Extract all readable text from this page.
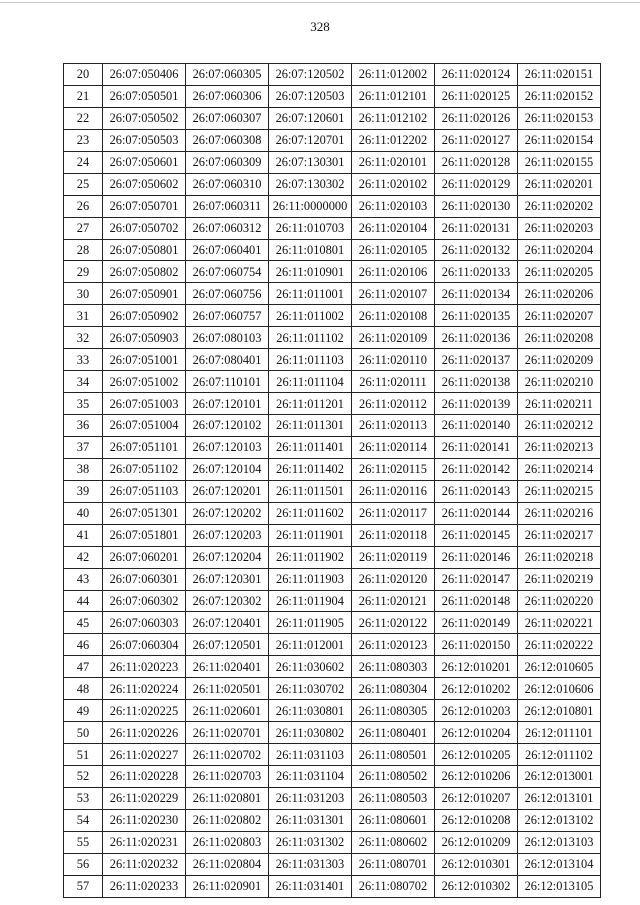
328
20	26:07:050406	26:07:060305	26:07:120502	26:11:012002	26:11:020124	26:11:020151
21	26:07:050501	26:07:060306	26:07:120503	26:11:012101	26:11:020125	26:11:020152
22	26:07:050502	26:07:060307	26:07:120601	26:11:012102	26:11:020126	26:11:020153
23	26:07:050503	26:07:060308	26:07:120701	26:11:012202	26:11:020127	26:11:020154
24	26:07:050601	26:07:060309	26:07:130301	26:11:020101	26:11:020128	26:11:020155
25	26:07:050602	26:07:060310	26:07:130302	26:11:020102	26:11:020129	26:11:020201
26	26:07:050701	26:07:060311	26:11:0000000	26:11:020103	26:11:020130	26:11:020202
27	26:07:050702	26:07:060312	26:11:010703	26:11:020104	26:11:020131	26:11:020203
28	26:07:050801	26:07:060401	26:11:010801	26:11:020105	26:11:020132	26:11:020204
29	26:07:050802	26:07:060754	26:11:010901	26:11:020106	26:11:020133	26:11:020205
30	26:07:050901	26:07:060756	26:11:011001	26:11:020107	26:11:020134	26:11:020206
31	26:07:050902	26:07:060757	26:11:011002	26:11:020108	26:11:020135	26:11:020207
32	26:07:050903	26:07:080103	26:11:011102	26:11:020109	26:11:020136	26:11:020208
33	26:07:051001	26:07:080401	26:11:011103	26:11:020110	26:11:020137	26:11:020209
34	26:07:051002	26:07:110101	26:11:011104	26:11:020111	26:11:020138	26:11:020210
35	26:07:051003	26:07:120101	26:11:011201	26:11:020112	26:11:020139	26:11:020211
36	26:07:051004	26:07:120102	26:11:011301	26:11:020113	26:11:020140	26:11:020212
37	26:07:051101	26:07:120103	26:11:011401	26:11:020114	26:11:020141	26:11:020213
38	26:07:051102	26:07:120104	26:11:011402	26:11:020115	26:11:020142	26:11:020214
39	26:07:051103	26:07:120201	26:11:011501	26:11:020116	26:11:020143	26:11:020215
40	26:07:051301	26:07:120202	26:11:011602	26:11:020117	26:11:020144	26:11:020216
41	26:07:051801	26:07:120203	26:11:011901	26:11:020118	26:11:020145	26:11:020217
42	26:07:060201	26:07:120204	26:11:011902	26:11:020119	26:11:020146	26:11:020218
43	26:07:060301	26:07:120301	26:11:011903	26:11:020120	26:11:020147	26:11:020219
44	26:07:060302	26:07:120302	26:11:011904	26:11:020121	26:11:020148	26:11:020220
45	26:07:060303	26:07:120401	26:11:011905	26:11:020122	26:11:020149	26:11:020221
46	26:07:060304	26:07:120501	26:11:012001	26:11:020123	26:11:020150	26:11:020222
47	26:11:020223	26:11:020401	26:11:030602	26:11:080303	26:12:010201	26:12:010605
48	26:11:020224	26:11:020501	26:11:030702	26:11:080304	26:12:010202	26:12:010606
49	26:11:020225	26:11:020601	26:11:030801	26:11:080305	26:12:010203	26:12:010801
50	26:11:020226	26:11:020701	26:11:030802	26:11:080401	26:12:010204	26:12:011101
51	26:11:020227	26:11:020702	26:11:031103	26:11:080501	26:12:010205	26:12:011102
52	26:11:020228	26:11:020703	26:11:031104	26:11:080502	26:12:010206	26:12:013001
53	26:11:020229	26:11:020801	26:11:031203	26:11:080503	26:12:010207	26:12:013101
54	26:11:020230	26:11:020802	26:11:031301	26:11:080601	26:12:010208	26:12:013102
55	26:11:020231	26:11:020803	26:11:031302	26:11:080602	26:12:010209	26:12:013103
56	26:11:020232	26:11:020804	26:11:031303	26:11:080701	26:12:010301	26:12:013104
57	26:11:020233	26:11:020901	26:11:031401	26:11:080702	26:12:010302	26:12:013105
